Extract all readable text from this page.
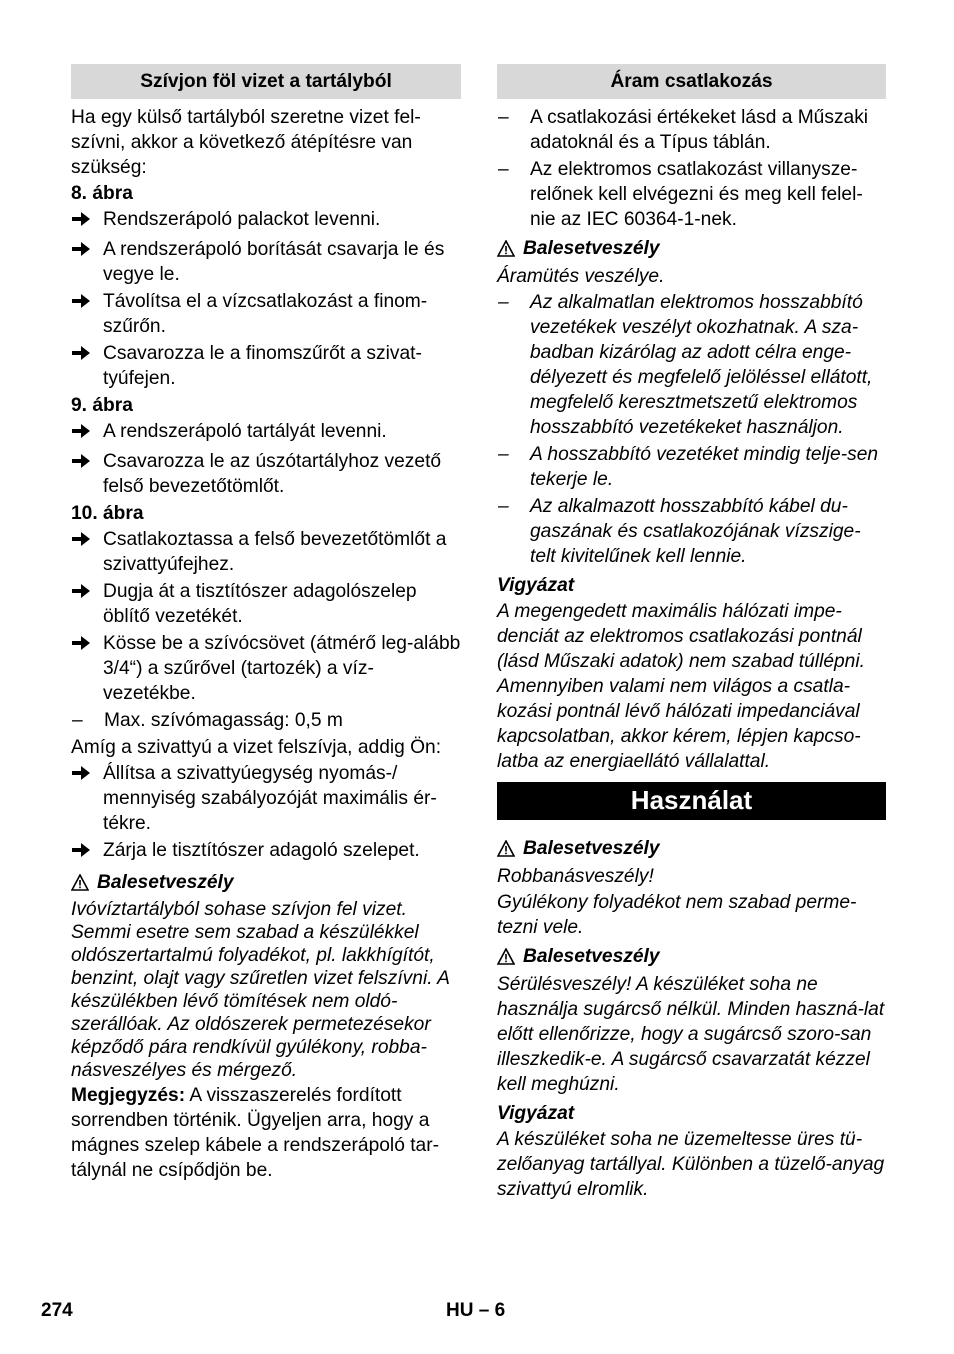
Szívjon föl vizet a tartályból

Ha egy külső tartályból szeretne vizet fel-szívni, akkor a következő átépítésre van szükség:

8. ábra

Rendszerápoló palackot levenni.
A rendszerápoló borítását csavarja le és vegye le.
Távolítsa el a vízcsatlakozást a finom-szűrőn.
Csavarozza le a finomszűrőt a szivat-tyúfejen.

9. ábra

A rendszerápoló tartályát levenni.
Csavarozza le az úszótartályhoz vezető felső bevezetőtömlőt.

10. ábra

Csatlakoztassa a felső bevezetőtömlőt a szivattyúfejhez.
Dugja át a tisztítószer adagolószelep öblítő vezetékét.
Kösse be a szívócsövet (átmérő leg-alább 3/4“) a szűrővel (tartozék) a víz-vezetékbe.
–	Max. szívómagasság: 0,5 m

Amíg a szivattyú a vizet felszívja, addig Ön:

Állítsa a szivattyúegység nyomás-/ mennyiség szabályozóját maximális ér-tékre.
Zárja le tisztítószer adagoló szelepet.
Balesetveszély

Ivóvíztartályból sohase szívjon fel vizet. Semmi esetre sem szabad a készülékkel oldószertartalmú folyadékot, pl. lakkhígítót, benzint, olajt vagy szűretlen vizet felszívni. A készülékben lévő tömítések nem oldó-szerállóak. Az oldószerek permetezésekor képződő pára rendkívül gyúlékony, robba-násveszélyes és mérgező.

Megjegyzés: A visszaszerelés fordított sorrendben történik. Ügyeljen arra, hogy a mágnes szelep kábele a rendszerápoló tar-tálynál ne csípődjön be.

Áram csatlakozás
–	A csatlakozási értékeket lásd a Műszaki adatoknál és a Típus táblán.
–	Az elektromos csatlakozást villanysze-relőnek kell elvégezni és meg kell felel-nie az IEC 60364-1-nek.
Balesetveszély

Áramütés veszélye.

–	Az alkalmatlan elektromos hosszabbító vezetékek veszélyt okozhatnak. A sza-badban kizárólag az adott célra enge-délyezett és megfelelő jelöléssel ellátott, megfelelő keresztmetszetű elektromos hosszabbító vezetékeket használjon.
–	A hosszabbító vezetéket mindig telje-sen tekerje le.
–	Az alkalmazott hosszabbító kábel du-gaszának és csatlakozójának vízszige-telt kivitelűnek kell lennie.

Vigyázat

A megengedett maximális hálózati impe-denciát az elektromos csatlakozási pontnál (lásd Műszaki adatok) nem szabad túllépni. Amennyiben valami nem világos a csatla-kozási pontnál lévő hálózati impedanciával kapcsolatban, akkor kérem, lépjen kapcso-latba az energiaellátó vállalattal.

Használat
Balesetveszély

Robbanásveszély!

Gyúlékony folyadékot nem szabad perme-tezni vele.

Balesetveszély

Sérülésveszély! A készüléket soha ne használja sugárcső nélkül. Minden haszná-lat előtt ellenőrizze, hogy a sugárcső szoro-san illeszkedik-e. A sugárcső csavarzatát kézzel kell meghúzni.

Vigyázat

A készüléket soha ne üzemeltesse üres tü-zelőanyag tartállyal. Különben a tüzelő-anyag szivattyú elromlik.

274	HU – 6
